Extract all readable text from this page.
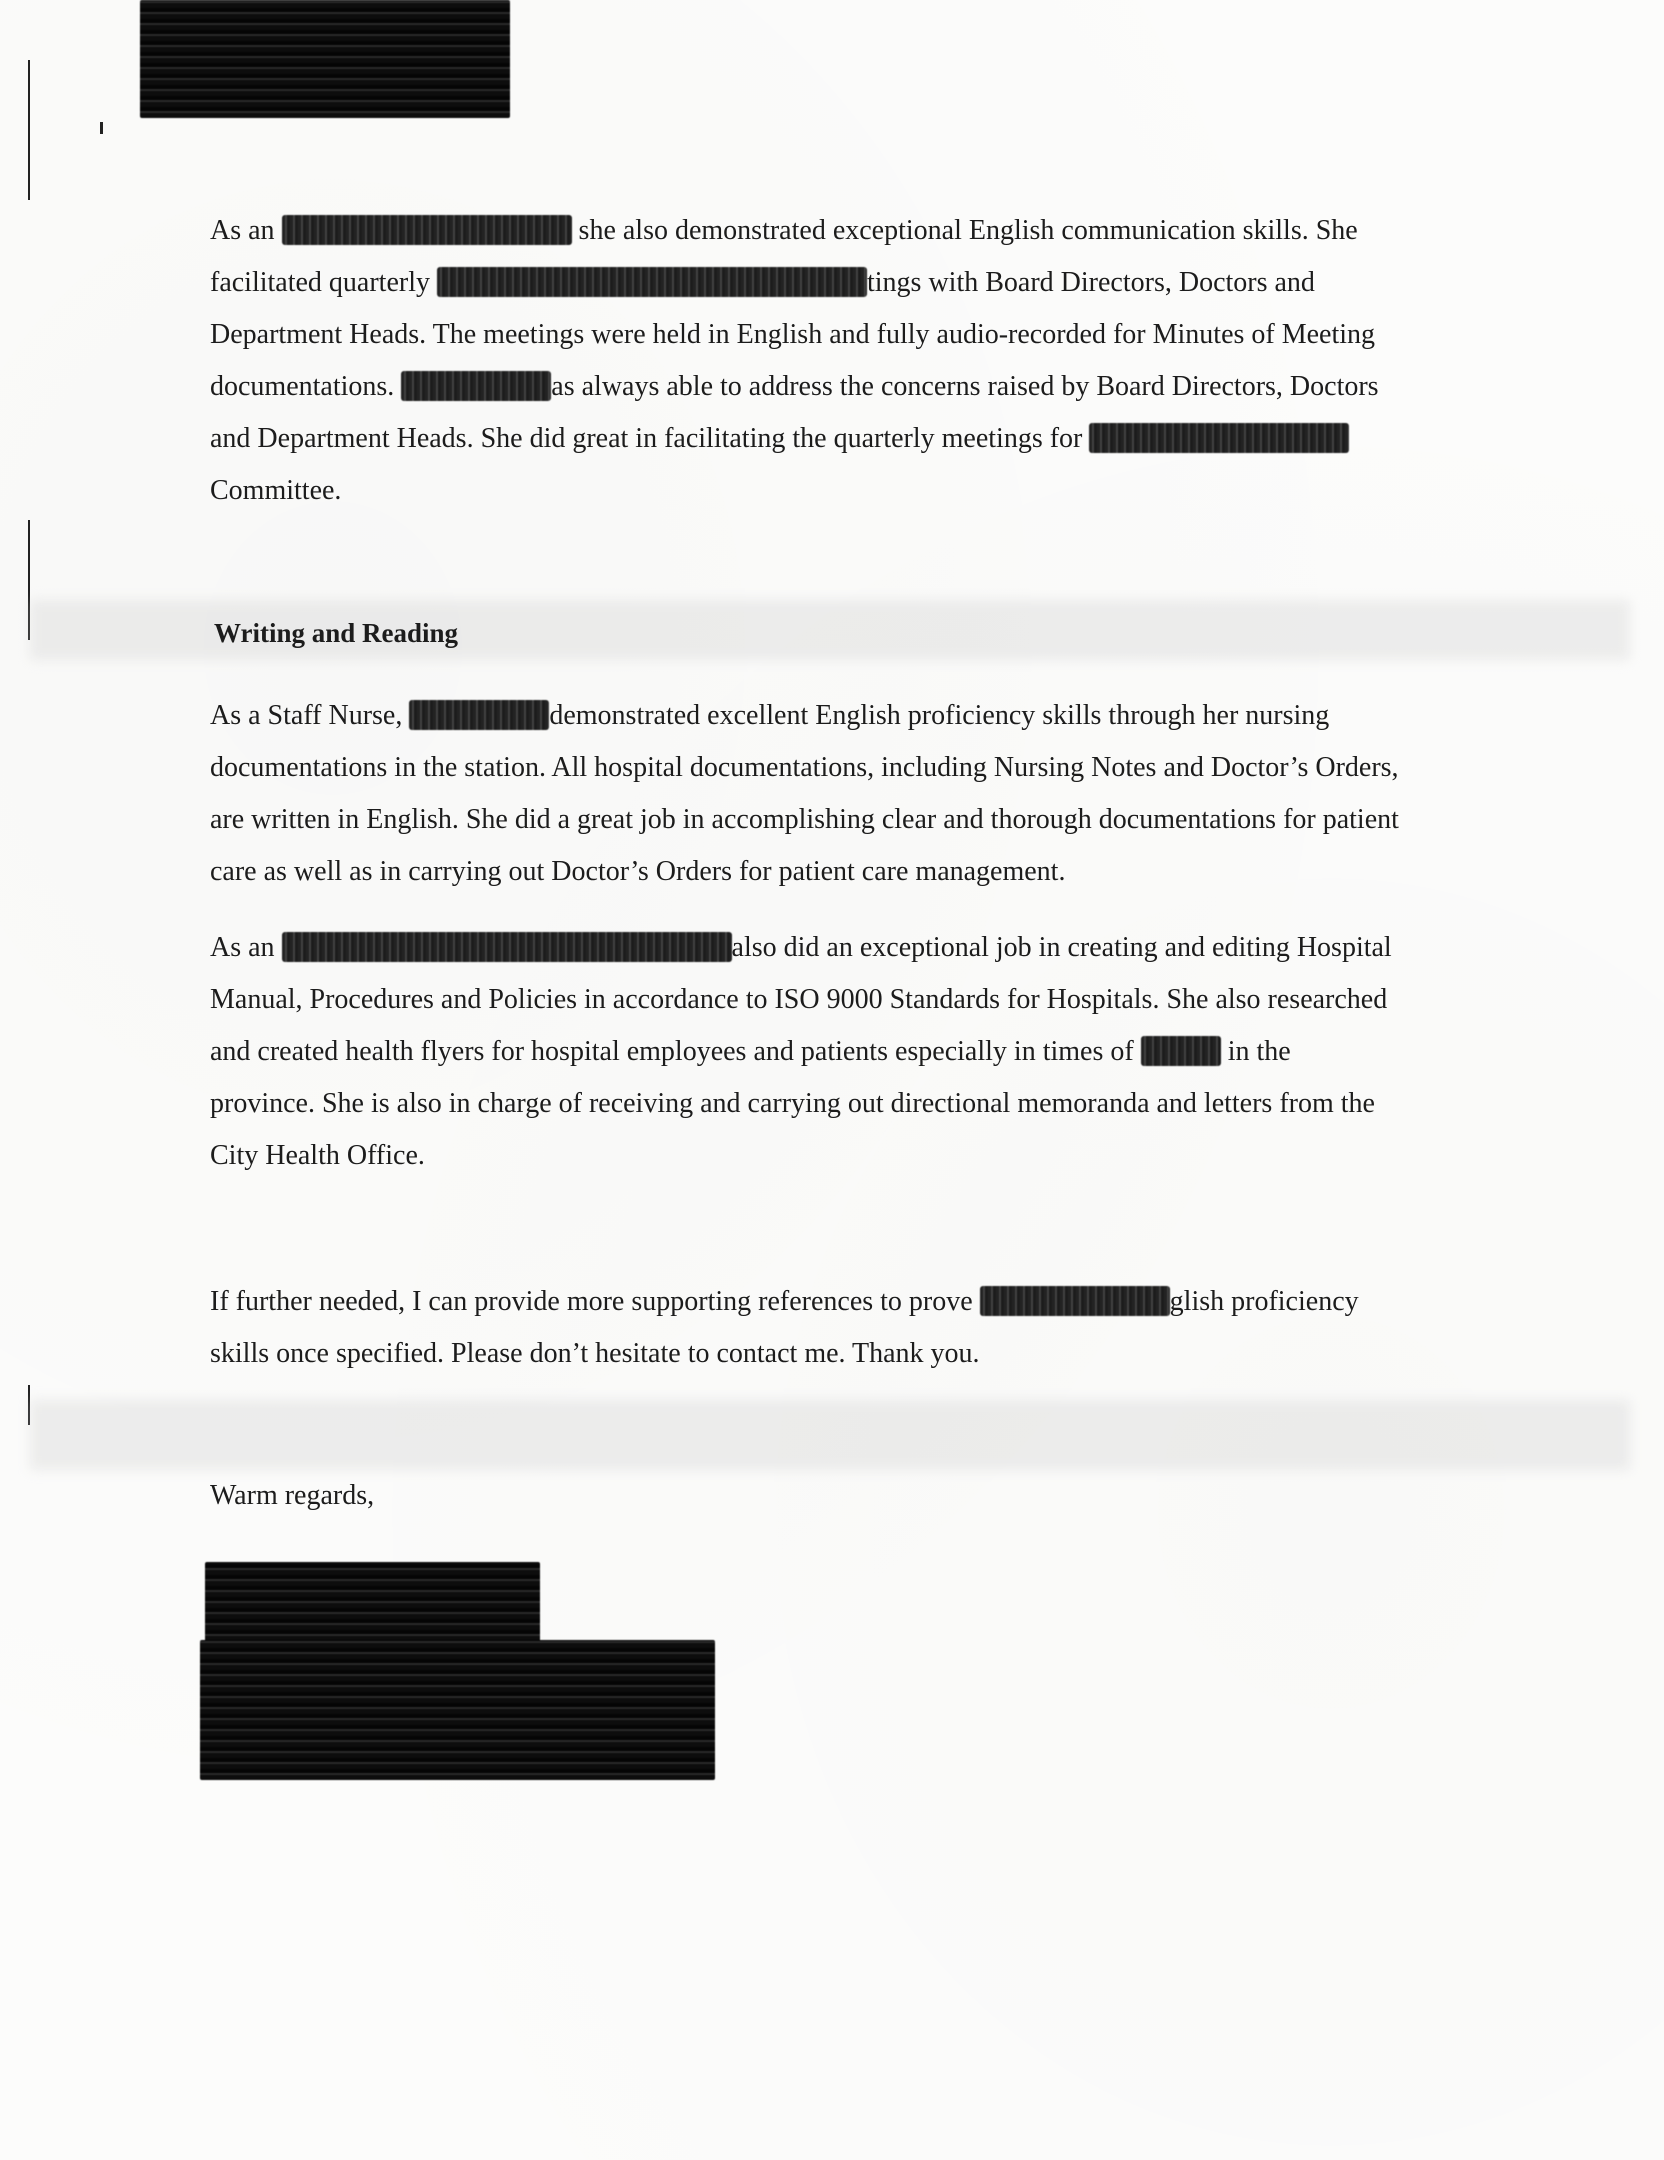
As an	she also demonstrated exceptional English communication skills. She
facilitated quarterly	tings with Board Directors, Doctors and
Department Heads. The meetings were held in English and fully audio-recorded for Minutes of Meeting
documentations.	as always able to address the concerns raised by Board Directors, Doctors
and Department Heads. She did great in facilitating the quarterly meetings for
Committee.
Writing and Reading
As a Staff Nurse,	demonstrated excellent English proficiency skills through her nursing
documentations in the station. All hospital documentations, including Nursing Notes and Doctor’s Orders,
are written in English. She did a great job in accomplishing clear and thorough documentations for patient
care as well as in carrying out Doctor’s Orders for patient care management.
As an	also did an exceptional job in creating and editing Hospital
Manual, Procedures and Policies in accordance to ISO 9000 Standards for Hospitals. She also researched
and created health flyers for hospital employees and patients especially in times of	in the
province. She is also in charge of receiving and carrying out directional memoranda and letters from the
City Health Office.
If further needed, I can provide more supporting references to prove	glish proficiency
skills once specified. Please don’t hesitate to contact me. Thank you.
Warm regards,
